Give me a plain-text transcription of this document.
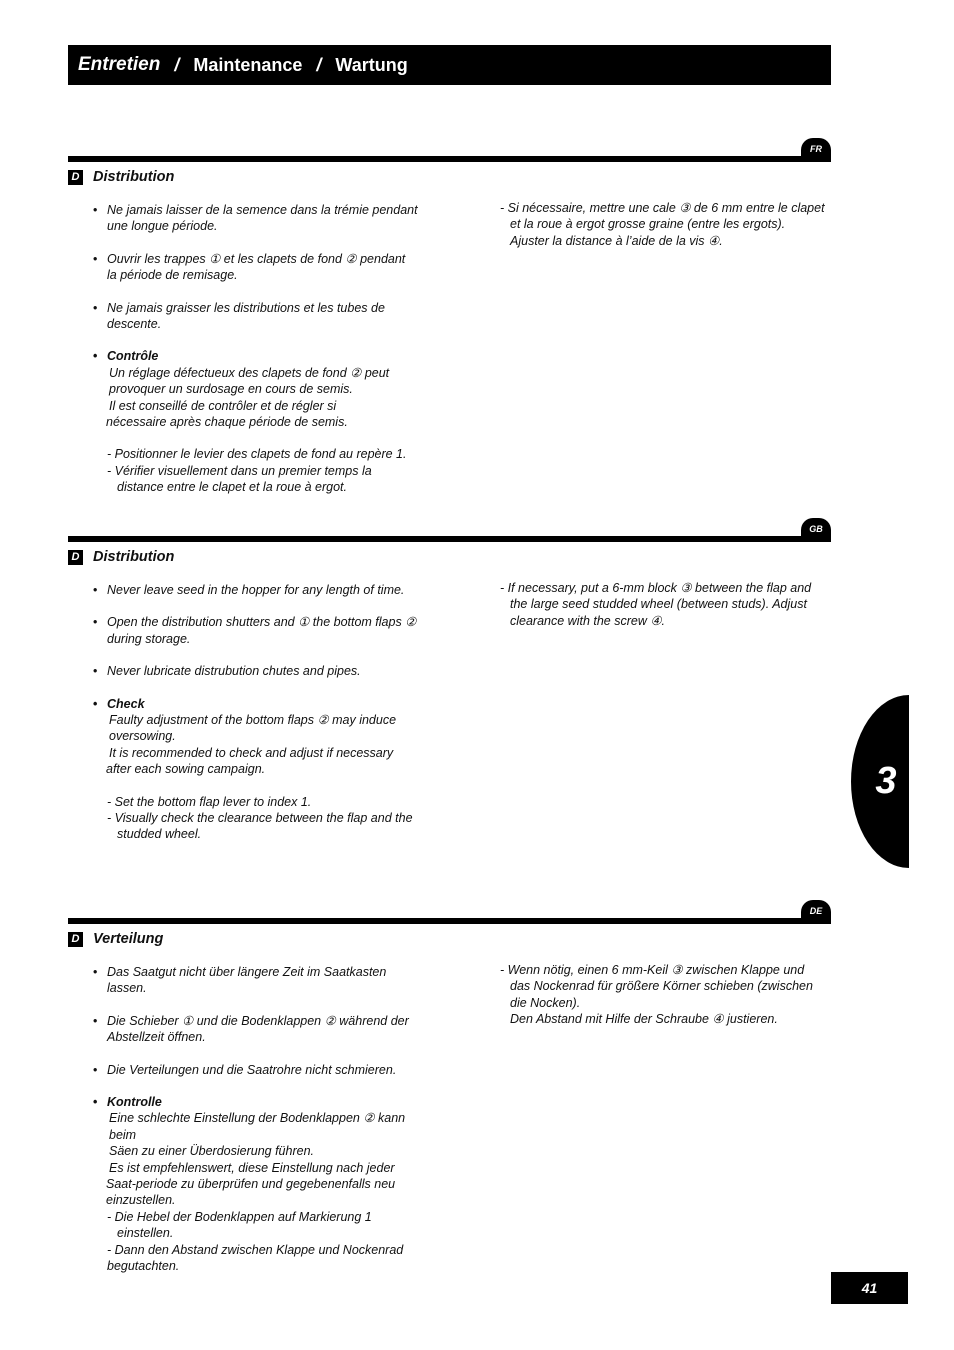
Entretien / Maintenance / Wartung
FR
D Distribution

• Ne jamais laisser de la semence dans la trémie pendant une longue période.

• Ouvrir les trappes ① et les clapets de fond ② pendant la période de remisage.

• Ne jamais graisser les distributions et les tubes de descente.

• Contrôle

Un réglage défectueux des clapets de fond ② peut provoquer un surdosage en cours de semis.
Il est conseillé de contrôler et de régler si
nécessaire après chaque période de semis.
- Positionner le levier des clapets de fond au repère 1.
- Vérifier visuellement dans un premier temps la distance entre le clapet et la roue à ergot.
- Si nécessaire, mettre une cale ③ de 6 mm entre le clapet et la roue à ergot grosse graine (entre les ergots). Ajuster la distance à l’aide de la vis ④.
GB
D Distribution

• Never leave seed in the hopper for any length of time.

• Open the distribution shutters and ① the bottom flaps ② during storage.

• Never lubricate distrubution chutes and pipes.

• Check

Faulty adjustment of the bottom flaps ② may induce oversowing.
It is recommended to check and adjust if necessary
after each sowing campaign.
- Set the bottom flap lever to index 1.
- Visually check the clearance between the flap and the studded wheel.
- If necessary, put a 6-mm block ③ between the flap and the large seed studded wheel (between studs). Adjust clearance with the screw ④.
3
DE
D Verteilung

• Das Saatgut nicht über längere Zeit im Saatkasten lassen.

• Die Schieber ① und die Bodenklappen ② während der Abstellzeit öffnen.

• Die Verteilungen und die Saatrohre nicht schmieren.

• Kontrolle

Eine schlechte Einstellung der Bodenklappen ② kann beim
Säen zu einer Überdosierung führen.
Es ist empfehlenswert, diese Einstellung nach jeder
Saat-periode zu überprüfen und gegebenenfalls neu einzustellen.
- Die Hebel der Bodenklappen auf Markierung 1 einstellen.
- Dann den Abstand zwischen Klappe und Nockenrad begutachten.
- Wenn nötig, einen 6 mm-Keil ③ zwischen Klappe und das Nockenrad für größere Körner schieben (zwischen die Nocken).
Den Abstand mit Hilfe der Schraube ④ justieren.
41
